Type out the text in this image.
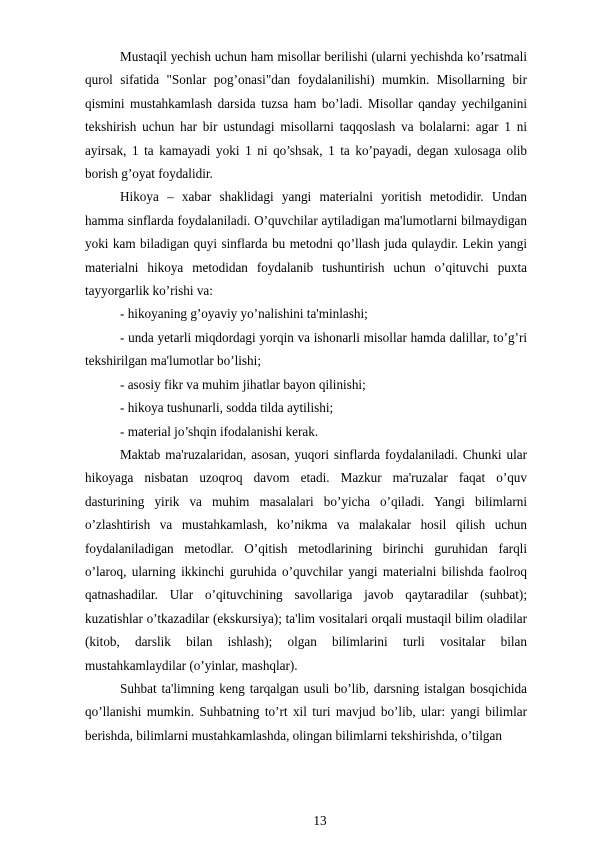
Mustaqil yechish uchun ham misollar berilishi (ularni yechishda ko’rsatmali qurol sifatida "Sonlar pog’onasi"dan foydalanilishi) mumkin. Misollarning bir qismini mustahkamlash darsida tuzsa ham bo’ladi. Misollar qanday yechilganini tekshirish uchun har bir ustundagi misollarni taqqoslash va bolalarni: agar 1 ni ayirsak, 1 ta kamayadi yoki 1 ni qo’shsak, 1 ta ko’payadi, degan xulosaga olib borish g’oyat foydalidir.

Hikoya – xabar shaklidagi yangi materialni yoritish metodidir. Undan hamma sinflarda foydalaniladi. O’quvchilar aytiladigan ma'lumotlarni bilmaydigan yoki kam biladigan quyi sinflarda bu metodni qo’llash juda qulaydir. Lekin yangi materialni hikoya metodidan foydalanib tushuntirish uchun o’qituvchi puxta tayyorgarlik ko’rishi va:

- hikoyaning g’oyaviy yo’nalishini ta'minlashi;

- unda yetarli miqdordagi yorqin va ishonarli misollar hamda dalillar, to’g’ri tekshirilgan ma'lumotlar bo’lishi;

- asosiy fikr va muhim jihatlar bayon qilinishi;

- hikoya tushunarli, sodda tilda aytilishi;

- material jo’shqin ifodalanishi kerak.

Maktab ma'ruzalaridan, asosan, yuqori sinflarda foydalaniladi. Chunki ular hikoyaga nisbatan uzoqroq davom etadi. Mazkur ma'ruzalar faqat o’quv dasturining yirik va muhim masalalari bo’yicha o’qiladi. Yangi bilimlarni o’zlashtirish va mustahkamlash, ko’nikma va malakalar hosil qilish uchun foydalaniladigan metodlar. O’qitish metodlarining birinchi guruhidan farqli o’laroq, ularning ikkinchi guruhida o’quvchilar yangi materialni bilishda faolroq qatnashadilar. Ular o’qituvchining savollariga javob qaytaradilar (suhbat); kuzatishlar o’tkazadilar (ekskursiya); ta'lim vositalari orqali mustaqil bilim oladilar (kitob, darslik bilan ishlash); olgan bilimlarini turli vositalar bilan mustahkamlaydilar (o’yinlar, mashqlar).

Suhbat ta'limning keng tarqalgan usuli bo’lib, darsning istalgan bosqichida qo’llanishi mumkin. Suhbatning to’rt xil turi mavjud bo’lib, ular: yangi bilimlar berishda, bilimlarni mustahkamlashda, olingan bilimlarni tekshirishda, o’tilgan

13
